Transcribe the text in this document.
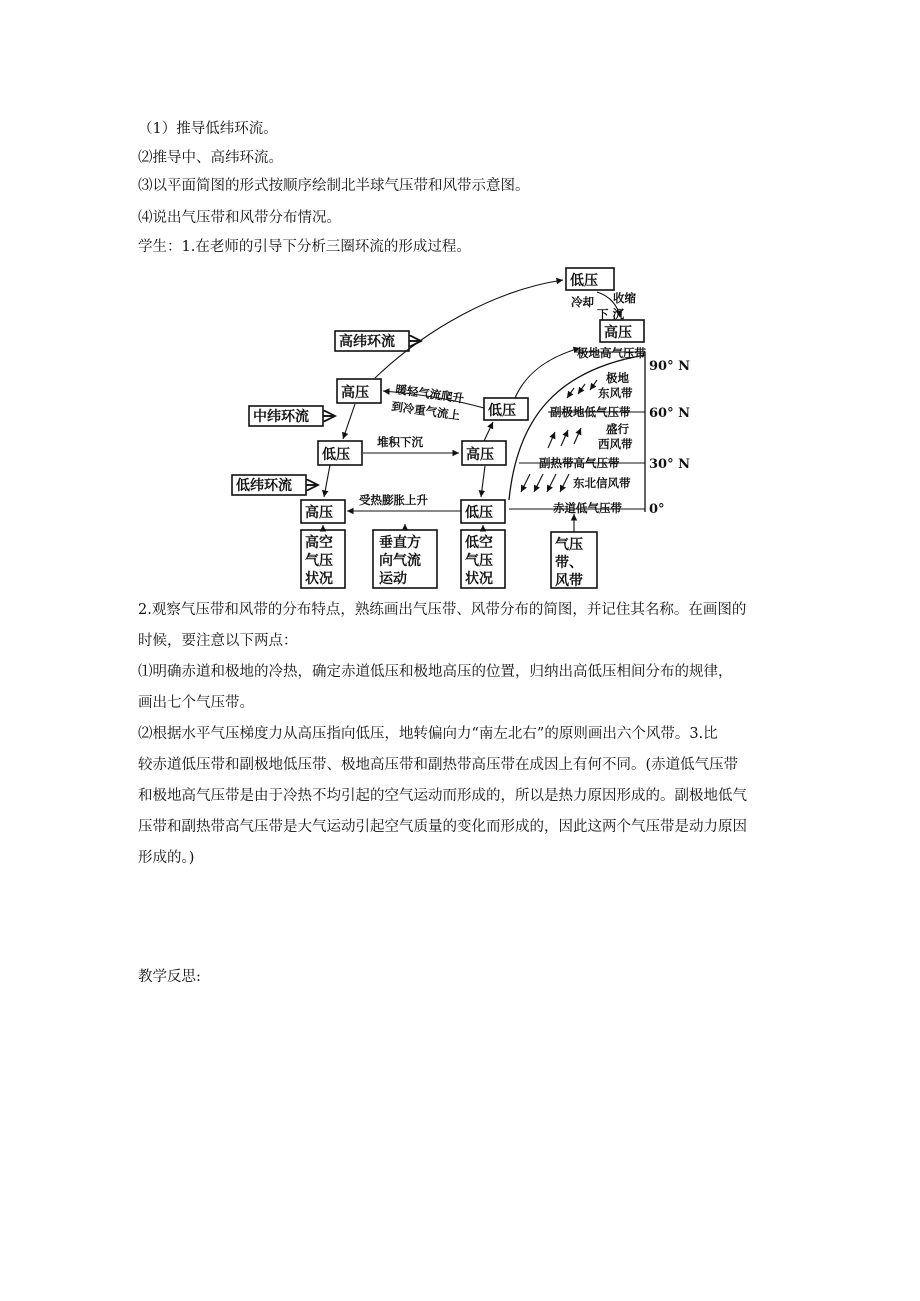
（1）推导低纬环流。
⑵推导中、高纬环流。
⑶以平面简图的形式按顺序绘制北半球气压带和风带示意图。
⑷说出气压带和风带分布情况。
学生：1.在老师的引导下分析三圈环流的形成过程。
高纬环流
中纬环流
低纬环流
低压
高压
高压
低压
低压	高压
高压	低压
冷却 收缩
下 沉
暖轻气流爬升
到冷重气流上
堆积下沉
受热膨胀上升
高空
气压
状况
垂直方
向气流
运动
低空
气压
状况
气压
带、
风带
极地高气压带
极地
东风带
副极地低气压带
盛行
西风带
副热带高气压带
东北信风带
赤道低气压带
90° N
60° N
30° N
0°
2.观察气压带和风带的分布特点，熟练画出气压带、风带分布的简图，并记住其名称。在画图的
时候，要注意以下两点：
⑴明确赤道和极地的冷热，确定赤道低压和极地高压的位置，归纳出高低压相间分布的规律，
画出七个气压带。
⑵根据水平气压梯度力从高压指向低压，地转偏向力“南左北右”的原则画出六个风带。3.比
较赤道低压带和副极地低压带、极地高压带和副热带高压带在成因上有何不同。(赤道低气压带
和极地高气压带是由于冷热不均引起的空气运动而形成的，所以是热力原因形成的。副极地低气
压带和副热带高气压带是大气运动引起空气质量的变化而形成的，因此这两个气压带是动力原因
形成的。)
教学反思:
